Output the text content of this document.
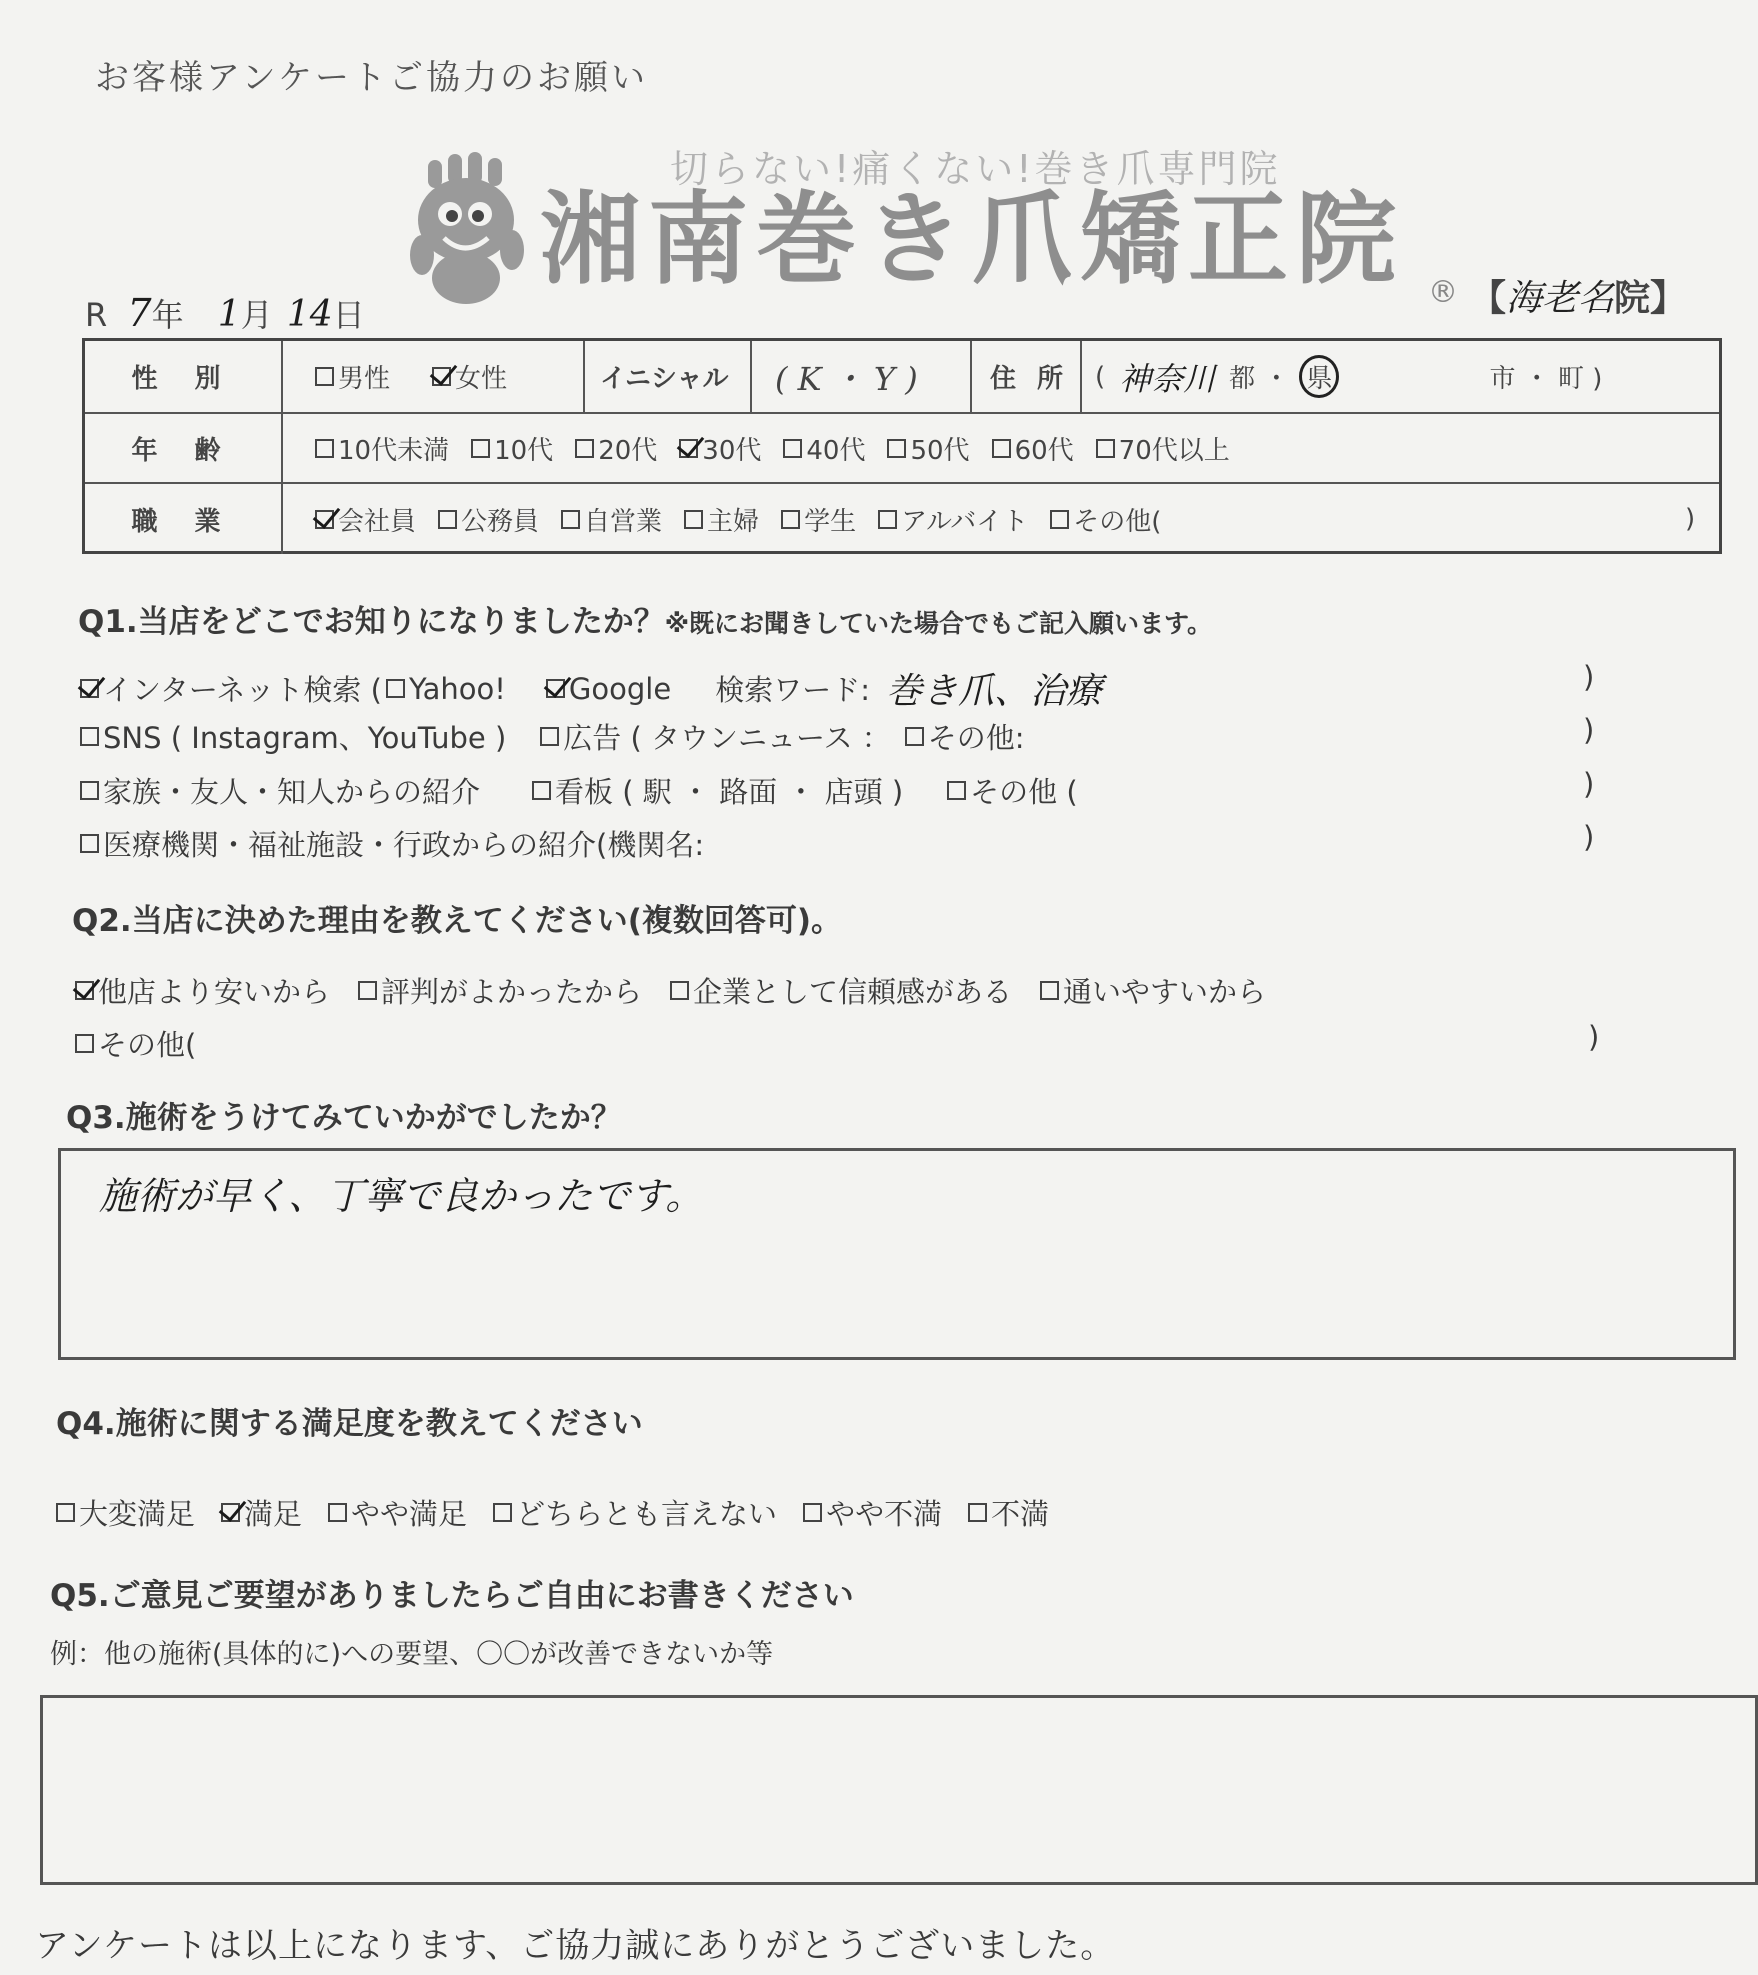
お客様アンケートご協力のお願い
切らない!痛くない!巻き爪専門院
湘南巻き爪矯正院 ® 【海老名院】
R 7年 1月 14日
性 別	男性	女性	イニシャル ( K ・ Y )	住 所 ( 神奈川 都 ・ 県	市 ・ 町 )
年 齢	10代未満 10代 20代 30代 40代 50代 60代 70代以上
職 業	会社員 公務員 自営業 主婦 学生 アルバイト その他(	)
Q1.当店をどこでお知りになりましたか？※既にお聞きしていた場合でもご記入願います。
インターネット検索 ( Yahoo! Google 検索ワード: 巻き爪、治療	)
SNS ( Instagram、YouTube ) 広告 ( タウンニュース ： その他:	)
家族・友人・知人からの紹介	看板 ( 駅 ・ 路面 ・ 店頭 ) その他 (	)
医療機関・福祉施設・行政からの紹介(機関名:	)
Q2.当店に決めた理由を教えてください(複数回答可)。
他店より安いから 評判がよかったから 企業として信頼感がある 通いやすいから
その他(	)
Q3.施術をうけてみていかがでしたか？
施術が早く、丁寧で良かったです。
Q4.施術に関する満足度を教えてください
大変満足 満足 やや満足 どちらとも言えない やや不満 不満
Q5.ご意見ご要望がありましたらご自由にお書きください
例：他の施術(具体的に)への要望、〇〇が改善できないか等
アンケートは以上になります、ご協力誠にありがとうございました。
